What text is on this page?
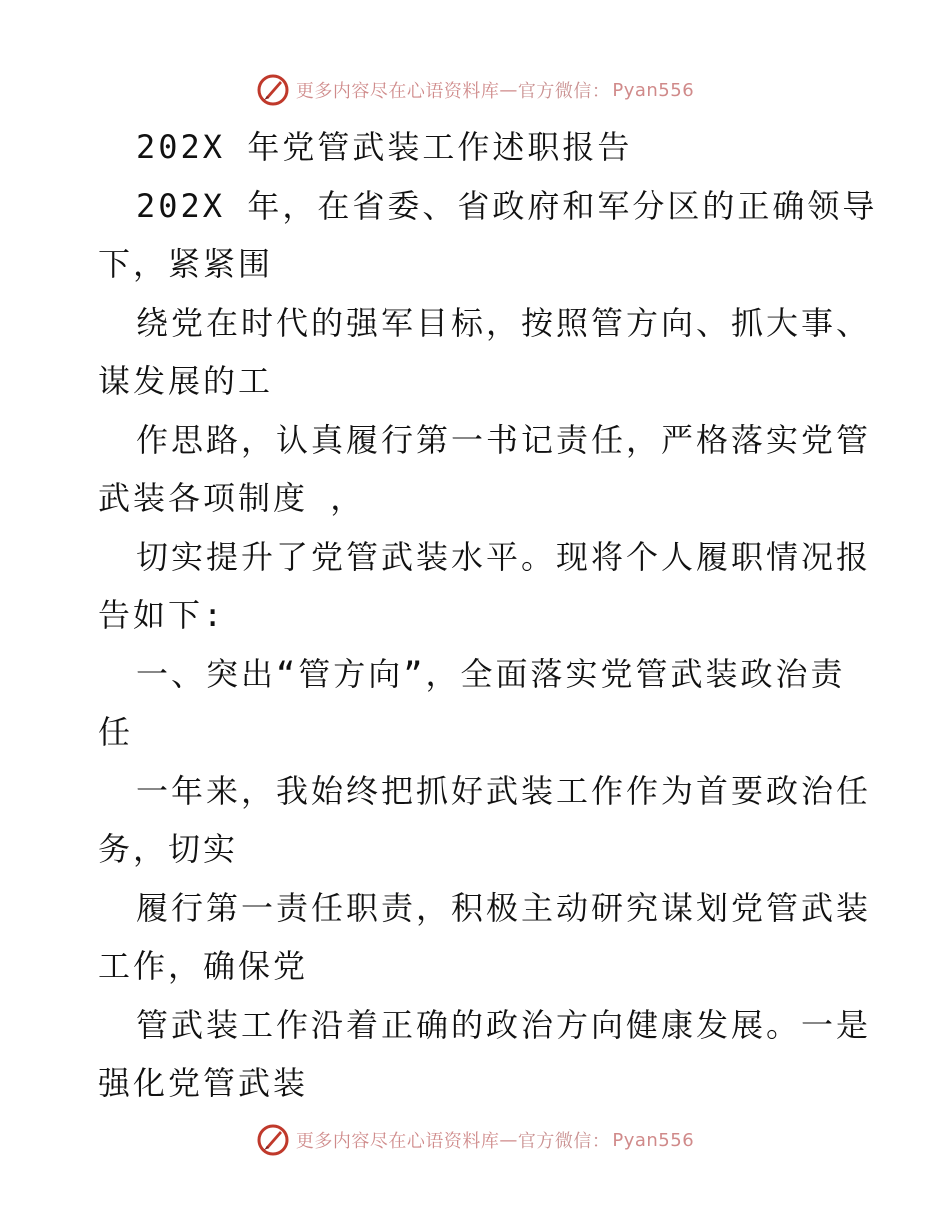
更多内容尽在心语资料库 — 官方微信： Pyan556

202X 年党管武装工作述职报告

202X 年，在省委、省政府和军分区的正确领导
下，紧紧围

绕党在时代的强军目标，按照管方向、抓大事、
谋发展的工

作思路，认真履行第一书记责任，严格落实党管
武装各项制度 ，

切实提升了党管武装水平。现将个人履职情况报
告如下:

一、突出“管方向”，全面落实党管武装政治责
任

一年来，我始终把抓好武装工作作为首要政治任
务，切实

履行第一责任职责，积极主动研究谋划党管武装
工作，确保党

管武装工作沿着正确的政治方向健康发展。一是
强化党管武装

更多内容尽在心语资料库 — 官方微信： Pyan556
